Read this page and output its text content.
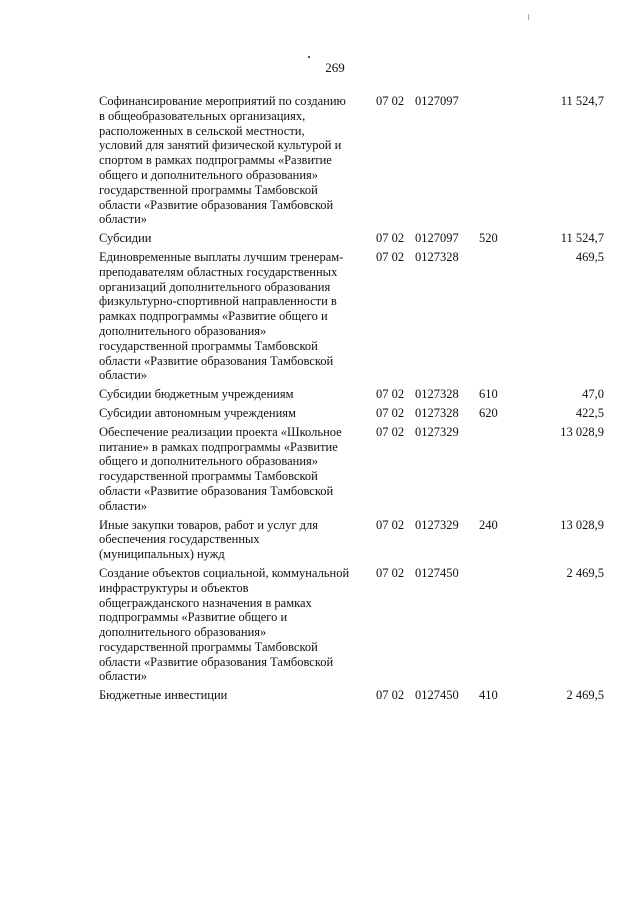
269
Софинансирование мероприятий по созданию в общеобразовательных организациях, расположенных в сельской местности, условий для занятий физической культурой и спортом в рамках подпрограммы «Развитие общего и дополнительного образования» государственной программы Тамбовской области «Развитие образования Тамбовской области»	07 02	0127097		11 524,7
Субсидии	07 02	0127097	520	11 524,7
Единовременные выплаты лучшим тренерам-преподавателям областных государственных организаций дополнительного образования физкультурно-спортивной направленности в рамках подпрограммы «Развитие общего и дополнительного образования» государственной программы Тамбовской области «Развитие образования Тамбовской области»	07 02	0127328		469,5
Субсидии бюджетным учреждениям	07 02	0127328	610	47,0
Субсидии автономным учреждениям	07 02	0127328	620	422,5
Обеспечение реализации проекта «Школьное питание» в рамках подпрограммы «Развитие общего и дополнительного образования» государственной программы Тамбовской области «Развитие образования Тамбовской области»	07 02	0127329		13 028,9
Иные закупки товаров, работ и услуг для обеспечения государственных (муниципальных) нужд	07 02	0127329	240	13 028,9
Создание объектов социальной, коммунальной инфраструктуры и объектов общегражданского назначения в рамках подпрограммы «Развитие общего и дополнительного образования» государственной программы Тамбовской области «Развитие образования Тамбовской области»	07 02	0127450		2 469,5
Бюджетные инвестиции	07 02	0127450	410	2 469,5
